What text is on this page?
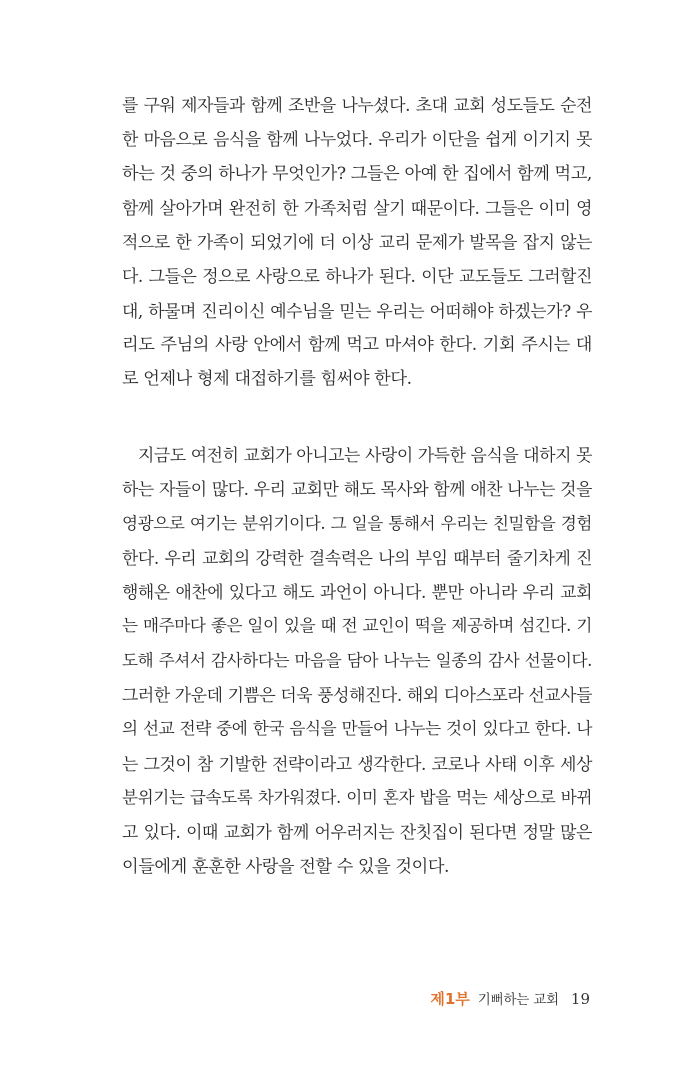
를 구워 제자들과 함께 조반을 나누셨다. 초대 교회 성도들도 순전
한 마음으로 음식을 함께 나누었다. 우리가 이단을 쉽게 이기지 못
하는 것 중의 하나가 무엇인가? 그들은 아예 한 집에서 함께 먹고,
함께 살아가며 완전히 한 가족처럼 살기 때문이다. 그들은 이미 영
적으로 한 가족이 되었기에 더 이상 교리 문제가 발목을 잡지 않는
다. 그들은 정으로 사랑으로 하나가 된다. 이단 교도들도 그러할진
대, 하물며 진리이신 예수님을 믿는 우리는 어떠해야 하겠는가? 우
리도 주님의 사랑 안에서 함께 먹고 마셔야 한다. 기회 주시는 대
로 언제나 형제 대접하기를 힘써야 한다.
지금도 여전히 교회가 아니고는 사랑이 가득한 음식을 대하지 못
하는 자들이 많다. 우리 교회만 해도 목사와 함께 애찬 나누는 것을
영광으로 여기는 분위기이다. 그 일을 통해서 우리는 친밀함을 경험
한다. 우리 교회의 강력한 결속력은 나의 부임 때부터 줄기차게 진
행해온 애찬에 있다고 해도 과언이 아니다. 뿐만 아니라 우리 교회
는 매주마다 좋은 일이 있을 때 전 교인이 떡을 제공하며 섬긴다. 기
도해 주셔서 감사하다는 마음을 담아 나누는 일종의 감사 선물이다.
그러한 가운데 기쁨은 더욱 풍성해진다. 해외 디아스포라 선교사들
의 선교 전략 중에 한국 음식을 만들어 나누는 것이 있다고 한다. 나
는 그것이 참 기발한 전략이라고 생각한다. 코로나 사태 이후 세상
분위기는 급속도록 차가워졌다. 이미 혼자 밥을 먹는 세상으로 바뀌
고 있다. 이때 교회가 함께 어우러지는 잔칫집이 된다면 정말 많은
이들에게 훈훈한 사랑을 전할 수 있을 것이다.
제1부 기뻐하는 교회 19
